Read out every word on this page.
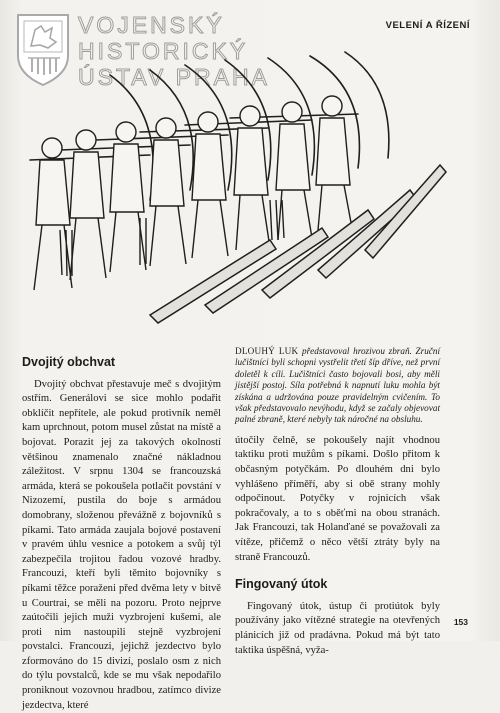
VOJENSKÝ
HISTORICKÝ
ÚSTAV PRAHA
VELENÍ A ŘÍZENÍ
Dvojitý obchvat

Dvojitý obchvat přestavuje meč s dvojitým ostřím. Generálovi se sice mohlo podařit obklíčit nepřítele, ale pokud protivník neměl kam uprchnout, potom musel zůstat na místě a bojovat. Porazit jej za takových okolností většinou znamenalo značné nákladnou záležitost. V srpnu 1304 se francouzská armáda, která se pokoušela potlačit povstání v Nizozemí, pustila do boje s armádou domobrany, složenou převážně z bojovníků s píkami. Tato armáda zaujala bojové postavení v pravém úhlu vesnice a potokem a svůj týl zabezpečila trojitou řadou vozové hradby. Francouzi, kteří byli těmito bojovníky s píkami těžce poraženi před dvěma lety v bitvě u Courtrai, se měli na pozoru. Proto nejprve zaútočili jejich muži vyzbrojení kušemi, ale proti nim nastoupili stejně vyzbrojení povstalci. Francouzi, jejichž jezdectvo bylo zformováno do 15 divizí, poslalo osm z nich do týlu povstalců, kde se mu však nepodařilo proniknout vozovnou hradbou, zatímco divize jezdectva, které

DLOUHÝ LUK představoval hrozivou zbraň. Zruční lučištníci byli schopni vystřelit třetí šíp dříve, než první doletěl k cíli. Lučištníci často bojovali bosi, aby měli jistější postoj. Síla potřebná k napnutí luku mohla být získána a udržována pouze pravidelným cvičením. To však představovalo nevýhodu, když se začaly objevovat palné zbraně, které nebyly tak náročné na obsluhu.

útočily čelně, se pokoušely najít vhodnou taktiku proti mužům s píkami. Došlo přitom k občasným potyčkám. Po dlouhém dni bylo vyhlášeno příměří, aby si obě strany mohly odpočinout. Potyčky v rojnicích však pokračovaly, a to s oběťmi na obou stranách. Jak Francouzi, tak Holanďané se považovali za vítěze, přičemž o něco větší ztráty byly na straně Francouzů.

Fingovaný útok

Fingovaný útok, ústup či protiútok byly používány jako vítězné strategie na otevřených plánicích již od pradávna. Pokud má být tato taktika úspěšná, vyža-

153
